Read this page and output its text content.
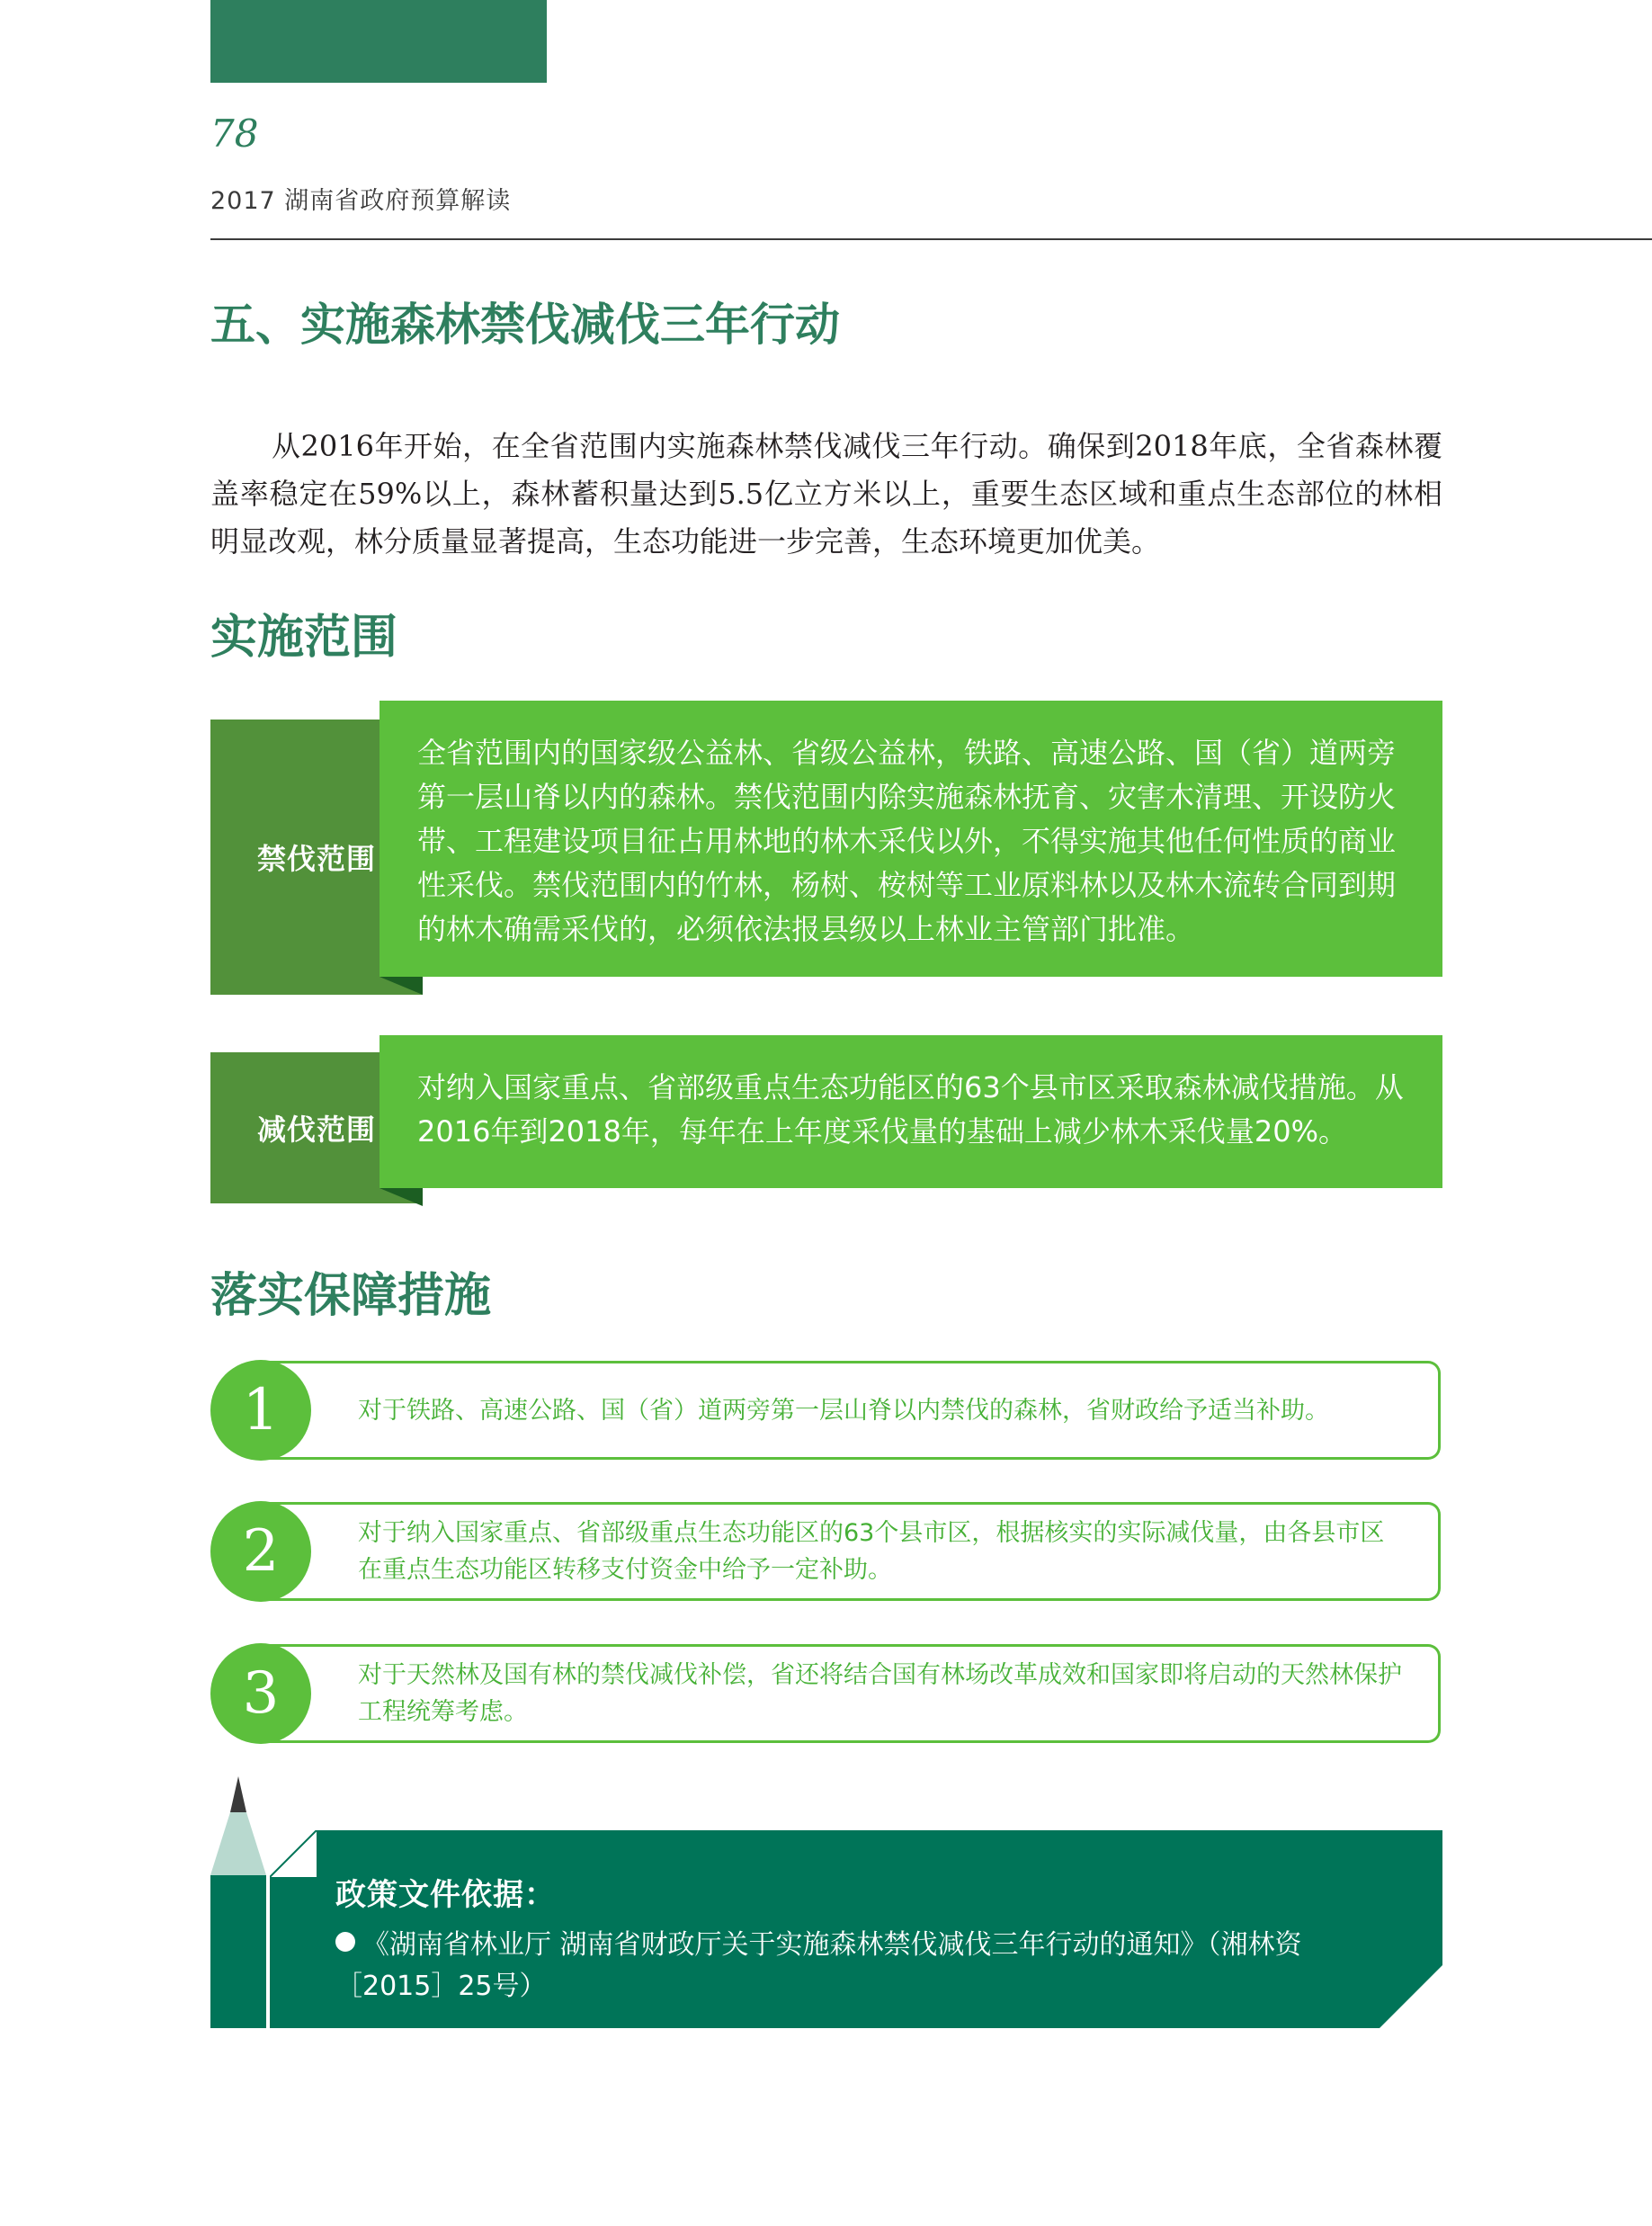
78
2017 湖南省政府预算解读
五、实施森林禁伐减伐三年行动
从2016年开始，在全省范围内实施森林禁伐减伐三年行动。确保到2018年底，全省森林覆盖率稳定在59%以上，森林蓄积量达到5.5亿立方米以上，重要生态区域和重点生态部位的林相明显改观，林分质量显著提高，生态功能进一步完善，生态环境更加优美。
实施范围
禁伐范围
全省范围内的国家级公益林、省级公益林，铁路、高速公路、国（省）道两旁第一层山脊以内的森林。禁伐范围内除实施森林抚育、灾害木清理、开设防火带、工程建设项目征占用林地的林木采伐以外，不得实施其他任何性质的商业性采伐。禁伐范围内的竹林，杨树、桉树等工业原料林以及林木流转合同到期的林木确需采伐的，必须依法报县级以上林业主管部门批准。
减伐范围
对纳入国家重点、省部级重点生态功能区的63个县市区采取森林减伐措施。从2016年到2018年，每年在上年度采伐量的基础上减少林木采伐量20%。
落实保障措施
对于铁路、高速公路、国（省）道两旁第一层山脊以内禁伐的森林，省财政给予适当补助。
1
对于纳入国家重点、省部级重点生态功能区的63个县市区，根据核实的实际减伐量，由各县市区在重点生态功能区转移支付资金中给予一定补助。
2
对于天然林及国有林的禁伐减伐补偿，省还将结合国有林场改革成效和国家即将启动的天然林保护工程统筹考虑。
3
政策文件依据：
《湖南省林业厅 湖南省财政厅关于实施森林禁伐减伐三年行动的通知》（湘林资［2015］25号）
